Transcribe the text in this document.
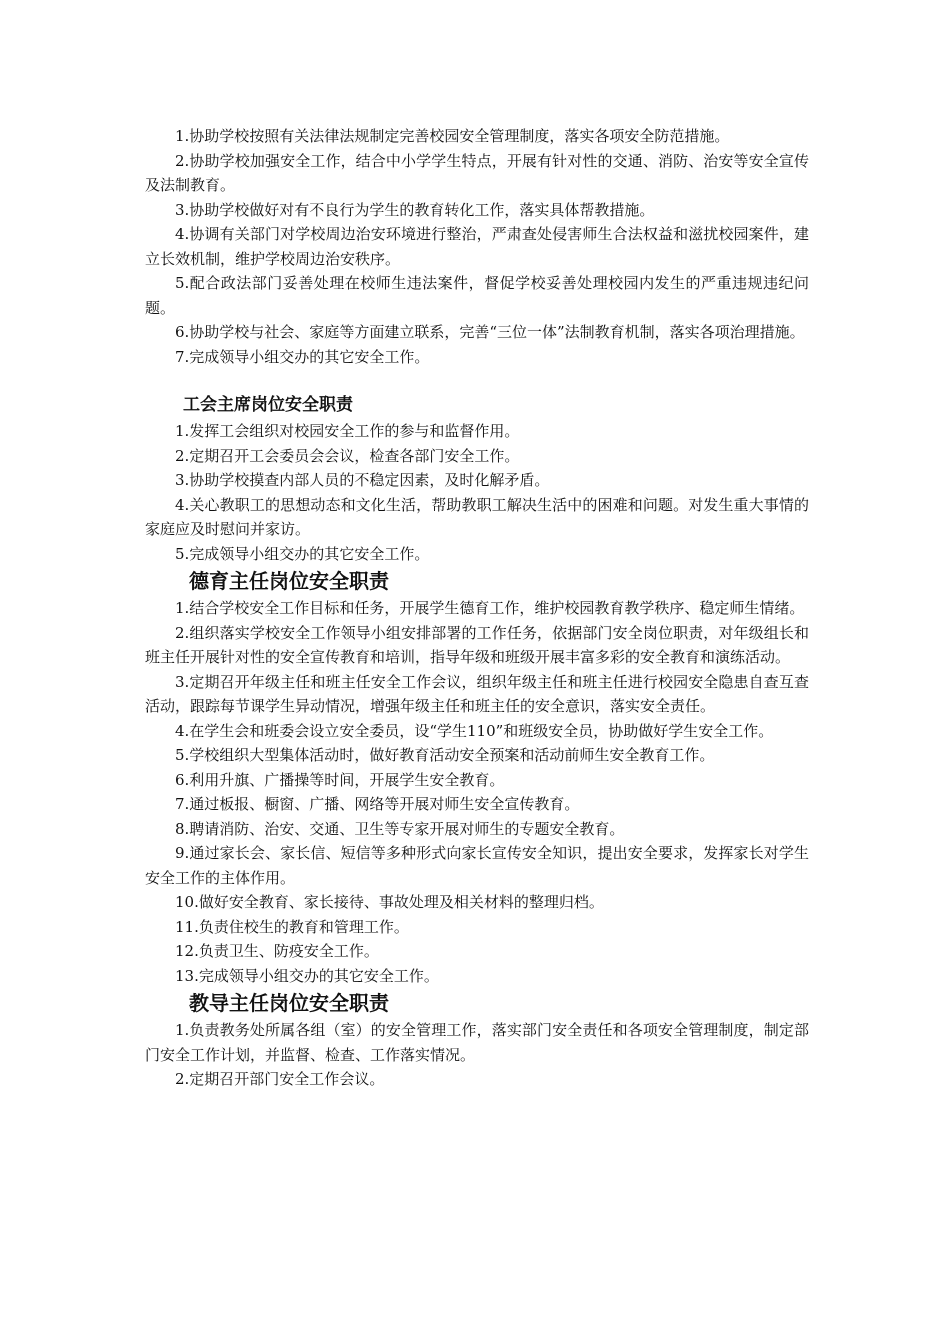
1.协助学校按照有关法律法规制定完善校园安全管理制度，落实各项安全防范措施。

2.协助学校加强安全工作，结合中小学学生特点，开展有针对性的交通、消防、治安等安全宣传及法制教育。

3.协助学校做好对有不良行为学生的教育转化工作，落实具体帮教措施。

4.协调有关部门对学校周边治安环境进行整治，严肃查处侵害师生合法权益和滋扰校园案件，建立长效机制，维护学校周边治安秩序。

5.配合政法部门妥善处理在校师生违法案件，督促学校妥善处理校园内发生的严重违规违纪问题。

6.协助学校与社会、家庭等方面建立联系，完善“三位一体”法制教育机制，落实各项治理措施。

7.完成领导小组交办的其它安全工作。

工会主席岗位安全职责

1.发挥工会组织对校园安全工作的参与和监督作用。

2.定期召开工会委员会会议，检查各部门安全工作。

3.协助学校摸查内部人员的不稳定因素，及时化解矛盾。

4.关心教职工的思想动态和文化生活，帮助教职工解决生活中的困难和问题。对发生重大事情的家庭应及时慰问并家访。

5.完成领导小组交办的其它安全工作。

德育主任岗位安全职责

1.结合学校安全工作目标和任务，开展学生德育工作，维护校园教育教学秩序、稳定师生情绪。

2.组织落实学校安全工作领导小组安排部署的工作任务，依据部门安全岗位职责，对年级组长和班主任开展针对性的安全宣传教育和培训，指导年级和班级开展丰富多彩的安全教育和演练活动。

3.定期召开年级主任和班主任安全工作会议，组织年级主任和班主任进行校园安全隐患自查互查活动，跟踪每节课学生异动情况，增强年级主任和班主任的安全意识，落实安全责任。

4.在学生会和班委会设立安全委员，设“学生110”和班级安全员，协助做好学生安全工作。

5.学校组织大型集体活动时，做好教育活动安全预案和活动前师生安全教育工作。

6.利用升旗、广播操等时间，开展学生安全教育。

7.通过板报、橱窗、广播、网络等开展对师生安全宣传教育。

8.聘请消防、治安、交通、卫生等专家开展对师生的专题安全教育。

9.通过家长会、家长信、短信等多种形式向家长宣传安全知识，提出安全要求，发挥家长对学生安全工作的主体作用。

10.做好安全教育、家长接待、事故处理及相关材料的整理归档。

11.负责住校生的教育和管理工作。

12.负责卫生、防疫安全工作。

13.完成领导小组交办的其它安全工作。

教导主任岗位安全职责

1.负责教务处所属各组（室）的安全管理工作，落实部门安全责任和各项安全管理制度，制定部门安全工作计划，并监督、检查、工作落实情况。

2.定期召开部门安全工作会议。
